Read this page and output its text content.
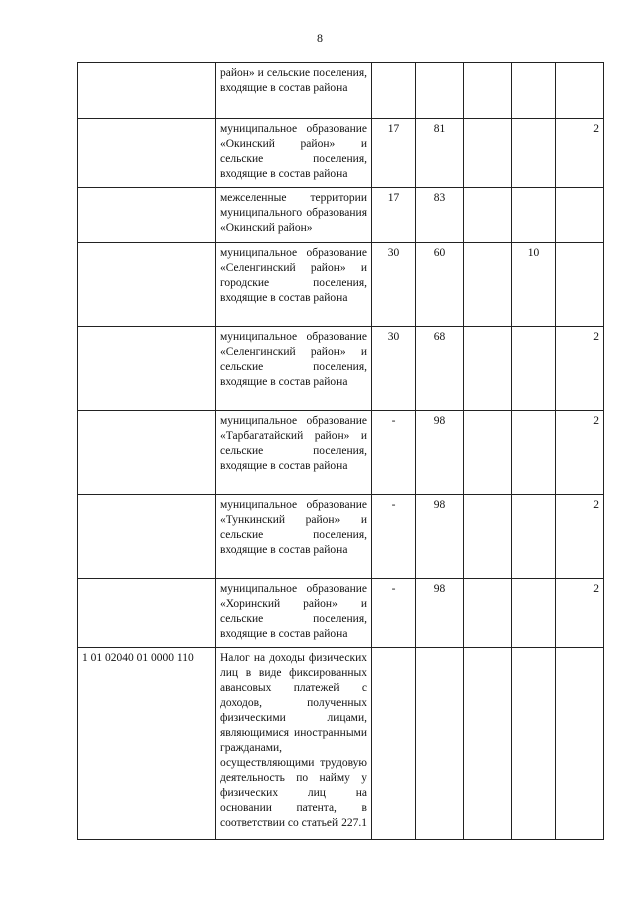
8
	район» и сельские поселения, входящие в состав района					
	муниципальное образование «Окинский район» и сельские поселения, входящие в состав района	17	81			2
	межселенные территории муниципального образования «Окинский район»	17	83			
	муниципальное образование «Селенгинский район» и городские поселения, входящие в состав района	30	60		10	
	муниципальное образование «Селенгинский район» и сельские поселения, входящие в состав района	30	68			2
	муниципальное образование «Тарбагатайский район» и сельские поселения, входящие в состав района	-	98			2
	муниципальное образование «Тункинский район» и сельские поселения, входящие в состав района	-	98			2
	муниципальное образование «Хоринский район» и сельские поселения, входящие в состав района	-	98			2
1 01 02040 01 0000 110	Налог на доходы физических лиц в виде фиксированных авансовых платежей с доходов, полученных физическими лицами, являющимися иностранными гражданами, осуществляющими трудовую деятельность по найму у физических лиц на основании патента, в соответствии со статьей 227.1					
